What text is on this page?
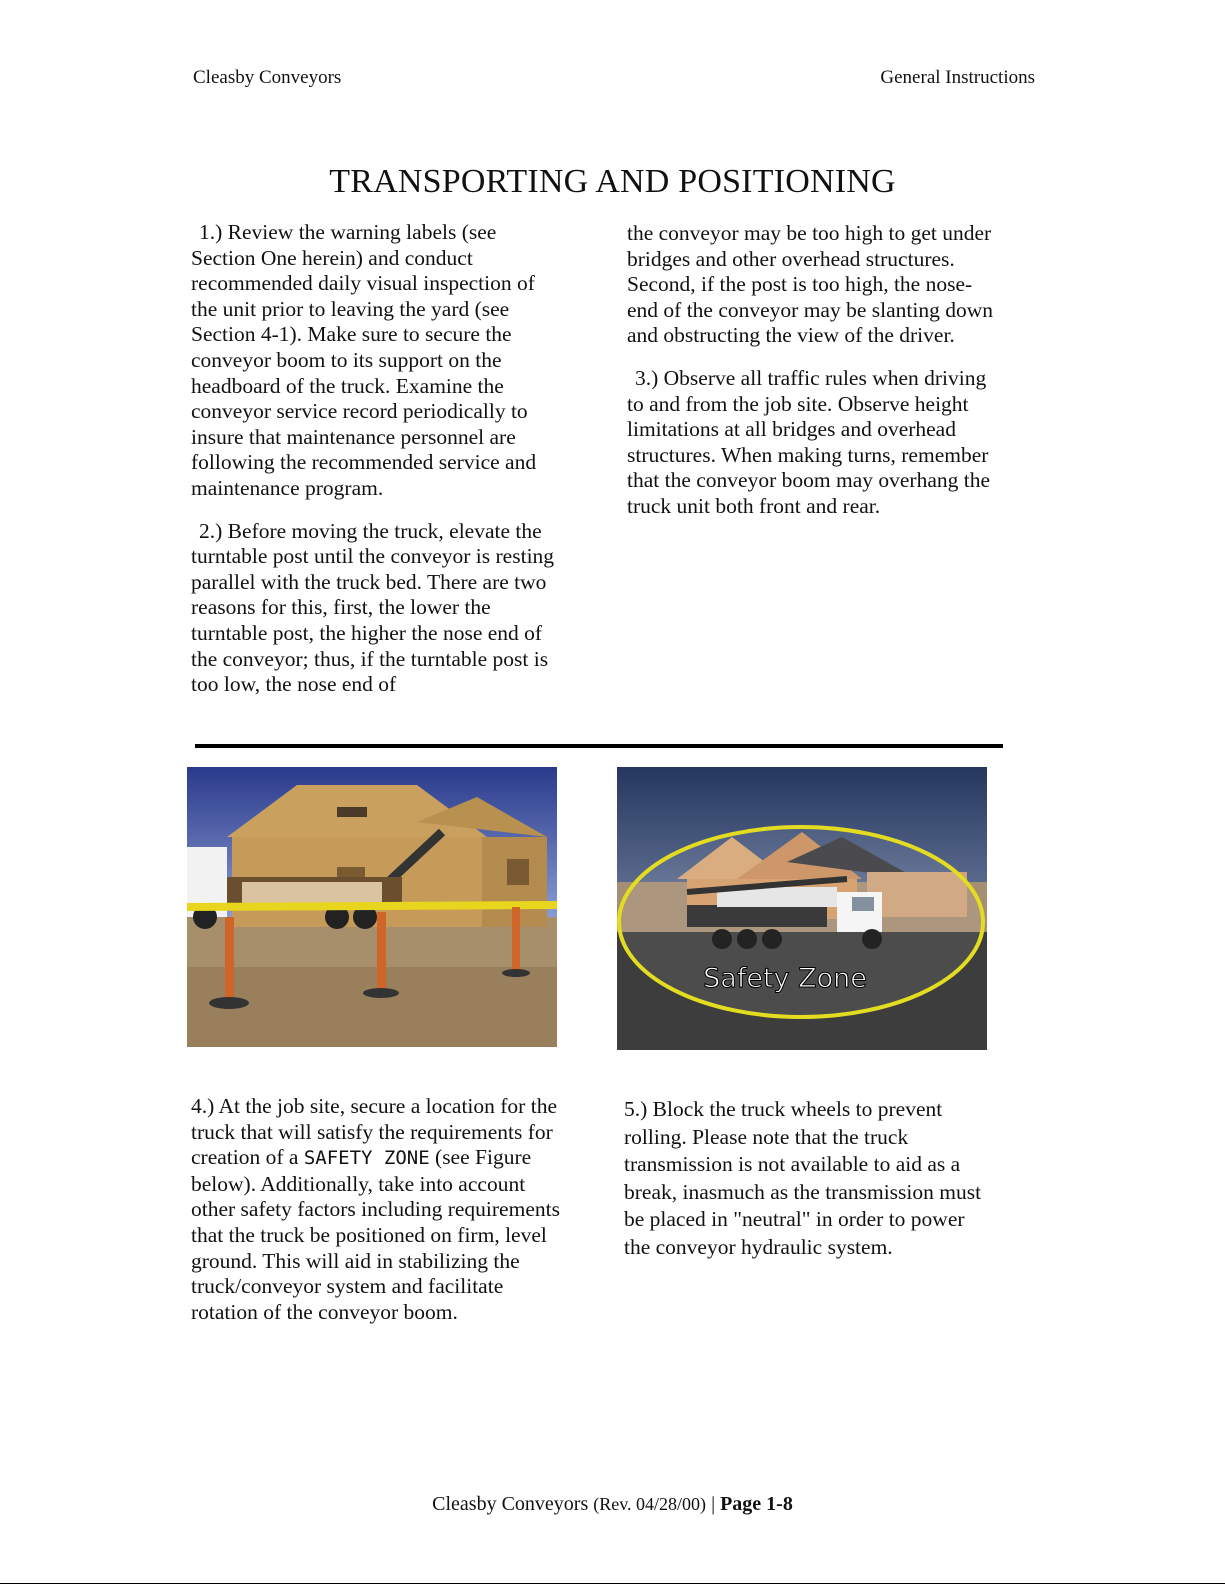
Cleasby Conveyors	General Instructions
TRANSPORTING AND POSITIONING

1.) Review the warning labels (see Section One herein) and conduct recommended daily visual inspection of the unit prior to leaving the yard (see Section 4-1). Make sure to secure the conveyor boom to its support on the headboard of the truck. Examine the conveyor service record periodically to insure that maintenance personnel are following the recommended service and maintenance program.

2.) Before moving the truck, elevate the turntable post until the conveyor is resting parallel with the truck bed. There are two reasons for this, first, the lower the turntable post, the higher the nose end of the conveyor; thus, if the turntable post is too low, the nose end of

the conveyor may be too high to get under bridges and other overhead structures. Second, if the post is too high, the nose-end of the conveyor may be slanting down and obstructing the view of the driver.

3.) Observe all traffic rules when driving to and from the job site. Observe height limitations at all bridges and overhead structures. When making turns, remember that the conveyor boom may overhang the truck unit both front and rear.

Safety Zone
4.) At the job site, secure a location for the truck that will satisfy the requirements for creation of a SAFETY ZONE (see Figure below). Additionally, take into account other safety factors including requirements that the truck be positioned on firm, level ground. This will aid in stabilizing the truck/conveyor system and facilitate rotation of the conveyor boom.
5.) Block the truck wheels to prevent rolling. Please note that the truck transmission is not available to aid as a break, inasmuch as the transmission must be placed in "neutral" in order to power the conveyor hydraulic system.
Cleasby Conveyors (Rev. 04/28/00) | Page 1-8
